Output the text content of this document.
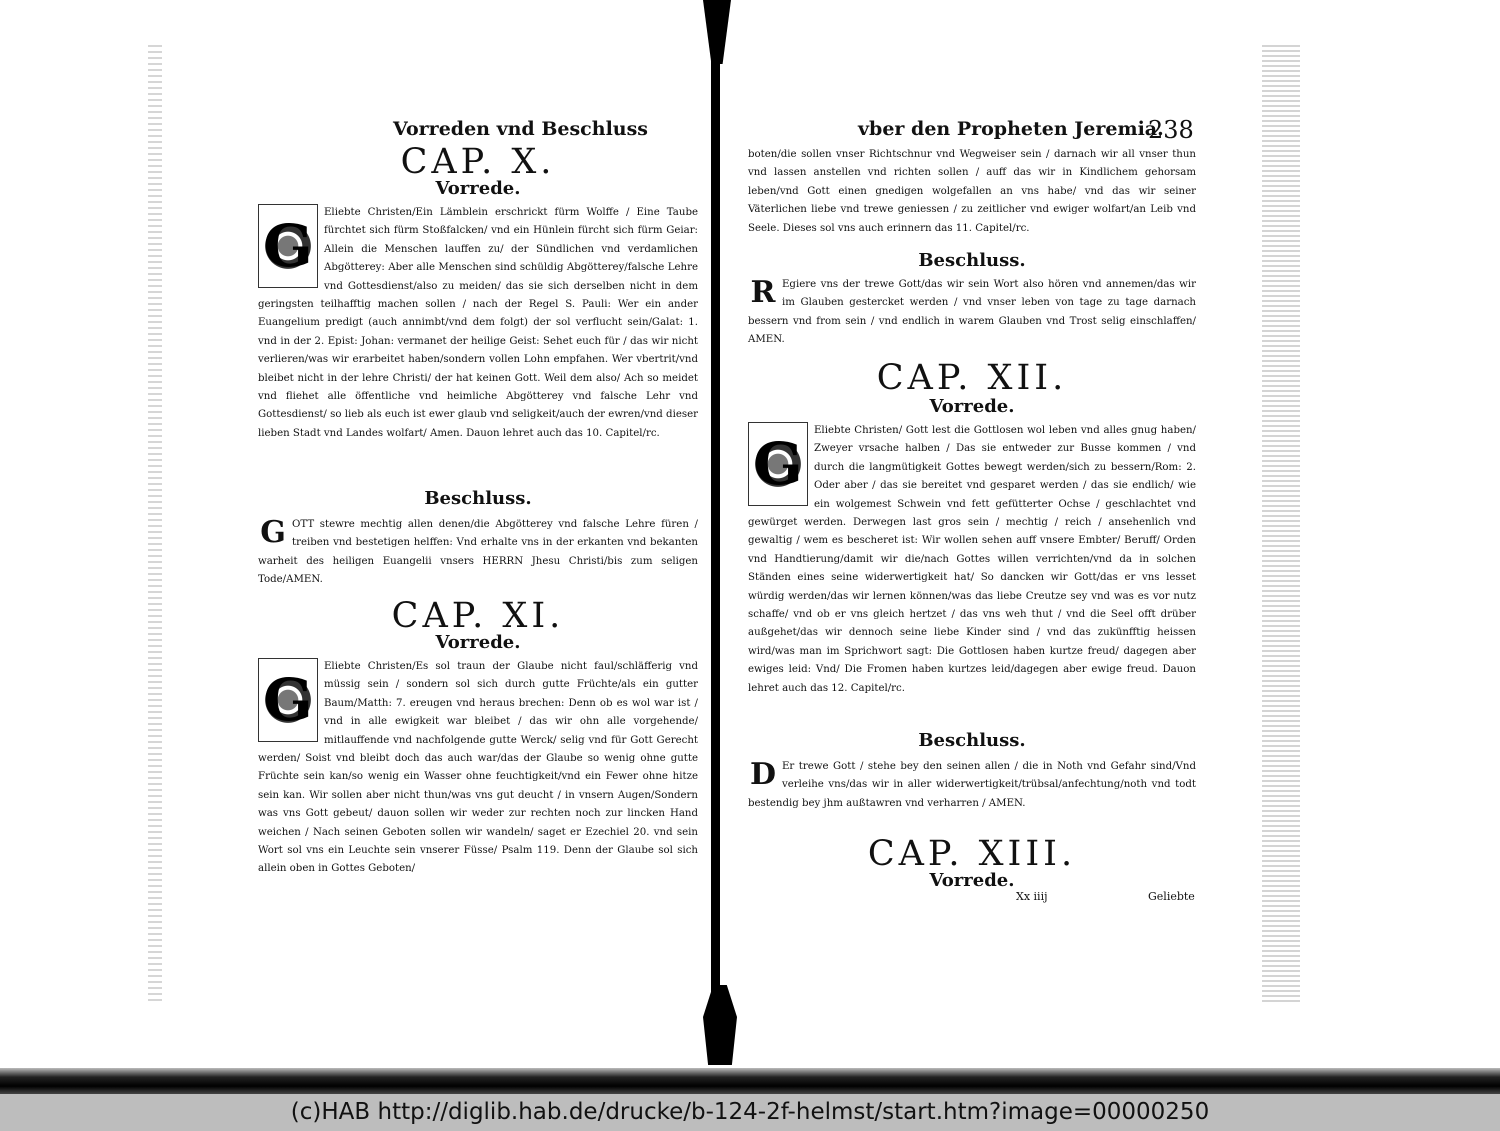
Vorreden vnd Beschluss
CAP. X.
Vorrede.
G	Eliebte Christen/Ein Lämblein erschrickt fürm Wolffe / Eine Taube fürchtet sich fürm Stoßfalcken/ vnd ein Hünlein fürcht sich fürm Geiar: Allein die Menschen lauffen zu/ der Sündlichen vnd verdamlichen Abgötterey: Aber alle Menschen sind schüldig Abgötterey/falsche Lehre vnd Gottesdienst/also zu meiden/ das sie sich derselben nicht in dem geringsten teilhafftig machen sollen / nach der Regel S. Pauli: Wer ein ander Euangelium predigt (auch annimbt/vnd dem folgt) der sol verflucht sein/Galat: 1. vnd in der 2. Epist: Johan: vermanet der heilige Geist: Sehet euch für / das wir nicht verlieren/was wir erarbeitet haben/sondern vollen Lohn empfahen. Wer vbertrit/vnd bleibet nicht in der lehre Christi/ der hat keinen Gott. Weil dem also/ Ach so meidet vnd fliehet alle öffentliche vnd heimliche Abgötterey vnd falsche Lehr vnd Gottesdienst/ so lieb als euch ist ewer glaub vnd seligkeit/auch der ewren/vnd dieser lieben Stadt vnd Landes wolfart/ Amen. Dauon lehret auch das 10. Capitel/rc.

Beschluss.
G OTT stewre mechtig allen denen/die Abgötterey vnd falsche Lehre füren / treiben vnd bestetigen helffen: Vnd erhalte vns in der erkanten vnd bekanten warheit des heiligen Euangelii vnsers HERRN Jhesu Christi/bis zum seligen Tode/AMEN.

CAP. XI.
Vorrede.
G	Eliebte Christen/Es sol traun der Glaube nicht faul/schläfferig vnd müssig sein / sondern sol sich durch gutte Früchte/als ein gutter Baum/Matth: 7. ereugen vnd heraus brechen: Denn ob es wol war ist / vnd in alle ewigkeit war bleibet / das wir ohn alle vorgehende/ mitlauffende vnd nachfolgende gutte Werck/ selig vnd für Gott Gerecht werden/ Soist vnd bleibt doch das auch war/das der Glaube so wenig ohne gutte Früchte sein kan/so wenig ein Wasser ohne feuchtigkeit/vnd ein Fewer ohne hitze sein kan. Wir sollen aber nicht thun/was vns gut deucht / in vnsern Augen/Sondern was vns Gott gebeut/ dauon sollen wir weder zur rechten noch zur lincken Hand weichen / Nach seinen Geboten sollen wir wandeln/ saget er Ezechiel 20. vnd sein Wort sol vns ein Leuchte sein vnserer Füsse/ Psalm 119. Denn der Glaube sol sich allein oben in Gottes Geboten/

vber den Propheten Jeremia.
238

boten/die sollen vnser Richtschnur vnd Wegweiser sein / darnach wir all vnser thun vnd lassen anstellen vnd richten sollen / auff das wir in Kindlichem gehorsam leben/vnd Gott einen gnedigen wolgefallen an vns habe/ vnd das wir seiner Väterlichen liebe vnd trewe geniessen / zu zeitlicher vnd ewiger wolfart/an Leib vnd Seele. Dieses sol vns auch erinnern das 11. Capitel/rc.

Beschluss.
R Egiere vns der trewe Gott/das wir sein Wort also hören vnd annemen/das wir im Glauben gestercket werden / vnd vnser leben von tage zu tage darnach bessern vnd from sein / vnd endlich in warem Glauben vnd Trost selig einschlaffen/ AMEN.

CAP. XII.
Vorrede.
G	Eliebte Christen/ Gott lest die Gottlosen wol leben vnd alles gnug haben/ Zweyer vrsache halben / Das sie entweder zur Busse kommen / vnd durch die langmütigkeit Gottes bewegt werden/sich zu bessern/Rom: 2. Oder aber / das sie bereitet vnd gesparet werden / das sie endlich/ wie ein wolgemest Schwein vnd fett gefütterter Ochse / geschlachtet vnd gewürget werden. Derwegen last gros sein / mechtig / reich / ansehenlich vnd gewaltig / wem es bescheret ist: Wir wollen sehen auff vnsere Embter/ Beruff/ Orden vnd Handtierung/damit wir die/nach Gottes willen verrichten/vnd da in solchen Ständen eines seine widerwertigkeit hat/ So dancken wir Gott/das er vns lesset würdig werden/das wir lernen können/was das liebe Creutze sey vnd was es vor nutz schaffe/ vnd ob er vns gleich hertzet / das vns weh thut / vnd die Seel offt drüber außgehet/das wir dennoch seine liebe Kinder sind / vnd das zukünfftig heissen wird/was man im Sprichwort sagt: Die Gottlosen haben kurtze freud/ dagegen aber ewiges leid: Vnd/ Die Fromen haben kurtzes leid/dagegen aber ewige freud. Dauon lehret auch das 12. Capitel/rc.

Beschluss.
D Er trewe Gott / stehe bey den seinen allen / die in Noth vnd Gefahr sind/Vnd verleihe vns/das wir in aller widerwertigkeit/trübsal/anfechtung/noth vnd todt bestendig bey jhm außtawren vnd verharren / AMEN.

CAP. XIII.
Vorrede.
Xx iiij	Geliebte
(c)HAB http://diglib.hab.de/drucke/b-124-2f-helmst/start.htm?image=00000250
